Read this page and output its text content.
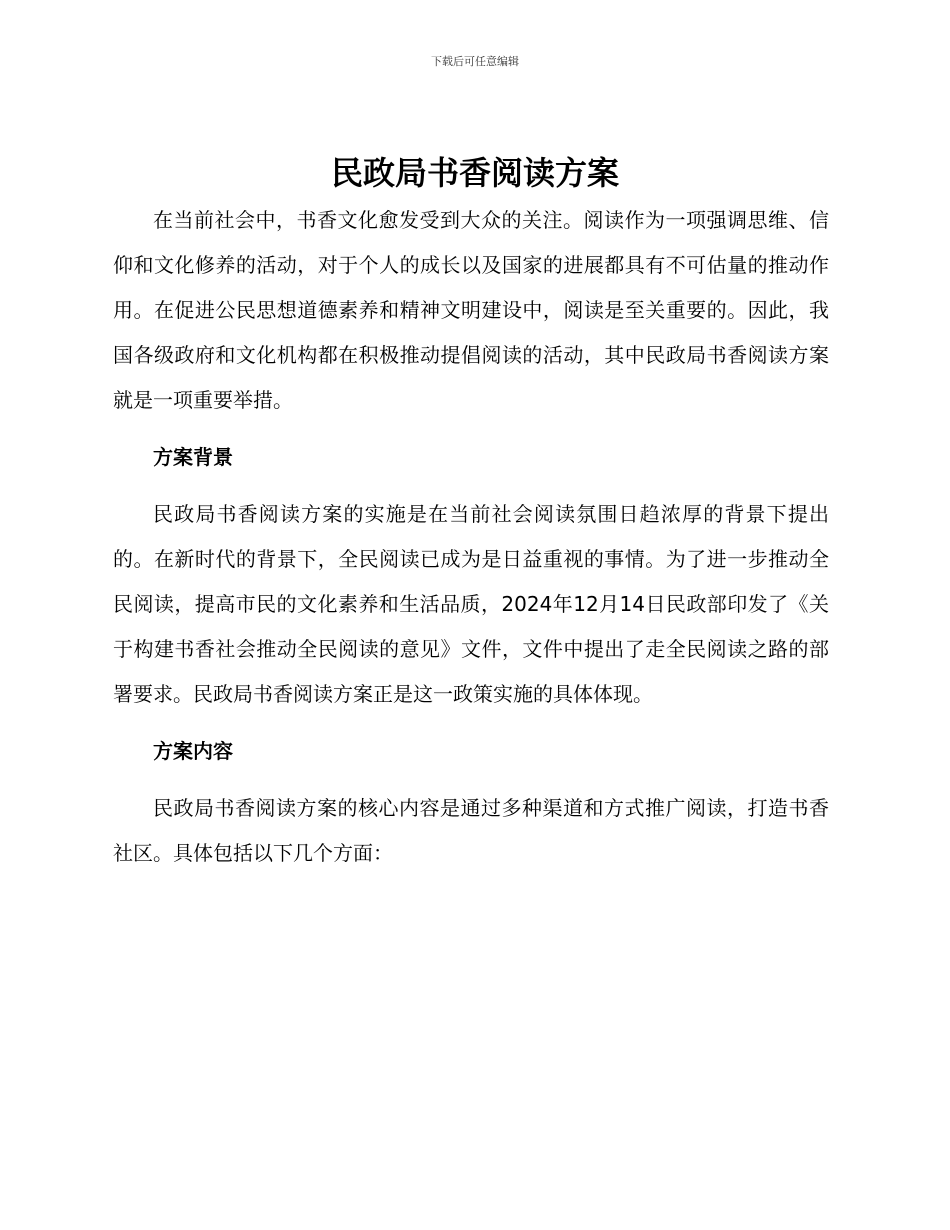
下载后可任意编辑
民政局书香阅读方案

在当前社会中，书香文化愈发受到大众的关注。阅读作为一项强调思维、信仰和文化修养的活动，对于个人的成长以及国家的进展都具有不可估量的推动作用。在促进公民思想道德素养和精神文明建设中，阅读是至关重要的。因此，我国各级政府和文化机构都在积极推动提倡阅读的活动，其中民政局书香阅读方案就是一项重要举措。

方案背景

民政局书香阅读方案的实施是在当前社会阅读氛围日趋浓厚的背景下提出的。在新时代的背景下，全民阅读已成为是日益重视的事情。为了进一步推动全民阅读，提高市民的文化素养和生活品质，2024年12月14日民政部印发了《关于构建书香社会推动全民阅读的意见》文件，文件中提出了走全民阅读之路的部署要求。民政局书香阅读方案正是这一政策实施的具体体现。

方案内容

民政局书香阅读方案的核心内容是通过多种渠道和方式推广阅读，打造书香社区。具体包括以下几个方面：
